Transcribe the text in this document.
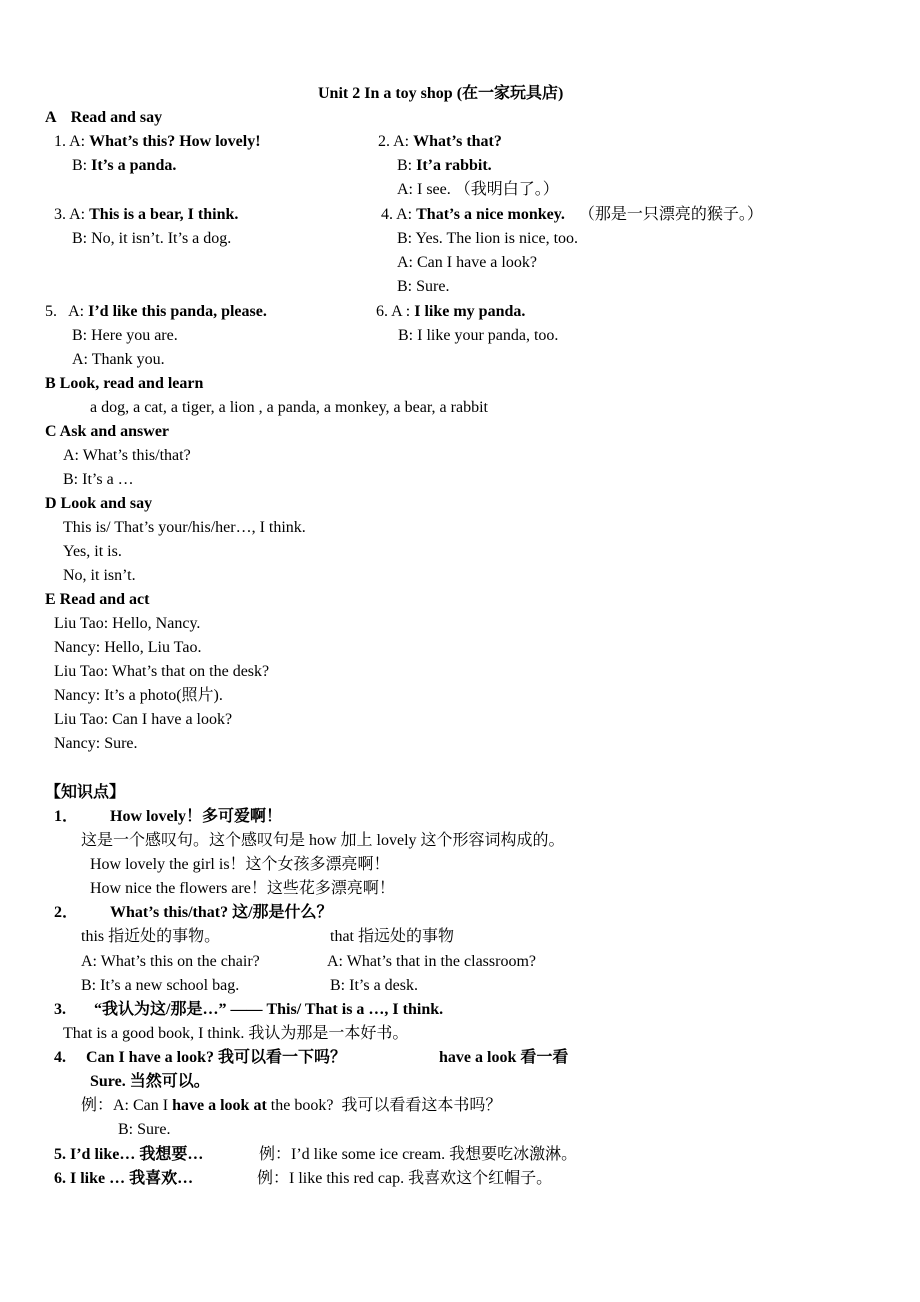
Unit 2 In a toy shop (在一家玩具店)
A Read and say
1. A: What’s this? How lovely!
B: It’s a panda.
2. A: What’s that?
B: It’a rabbit.
A: I see. （我明白了。）
3. A: This is a bear, I think.
B: No, it isn’t. It’s a dog.
4. A: That’s a nice monkey. （那是一只漂亮的猴子。）
B: Yes. The lion is nice, too.
A: Can I have a look?
B: Sure.
5.   A: I’d like this panda, please.
B: Here you are.
A: Thank you.
6. A : I like my panda.
B: I like your panda, too.
B Look, read and learn
a dog, a cat, a tiger, a lion , a panda, a monkey, a bear, a rabbit
C Ask and answer
A: What’s this/that?
B: It’s a …
D Look and say
This is/ That’s your/his/her…, I think.
Yes, it is.
No, it isn’t.
E Read and act
Liu Tao: Hello, Nancy.
Nancy: Hello, Liu Tao.
Liu Tao: What’s that on the desk?
Nancy: It’s a photo(照片).
Liu Tao: Can I have a look?
Nancy: Sure.
【知识点】
1． How lovely！多可爱啊！
这是一个感叹句。这个感叹句是 how 加上 lovely 这个形容词构成的。
How lovely the girl is！这个女孩多漂亮啊！
How nice the flowers are！这些花多漂亮啊！
2． What’s this/that? 这/那是什么？
this 指近处的事物。	that 指远处的事物
A: What’s this on the chair?	A: What’s that in the classroom?
B: It’s a new school bag.	B: It’s a desk.
3. “我认为这/那是…” —— This/ That is a …, I think.
That is a good book, I think. 我认为那是一本好书。
4. Can I have a look? 我可以看一下吗？	have a look 看一看
Sure. 当然可以。
例：A: Can I have a look at the book?  我可以看看这本书吗？
B: Sure.
5. I’d like… 我想要…	例：I’d like some ice cream. 我想要吃冰激淋。
6. I like … 我喜欢…	例：I like this red cap. 我喜欢这个红帽子。
